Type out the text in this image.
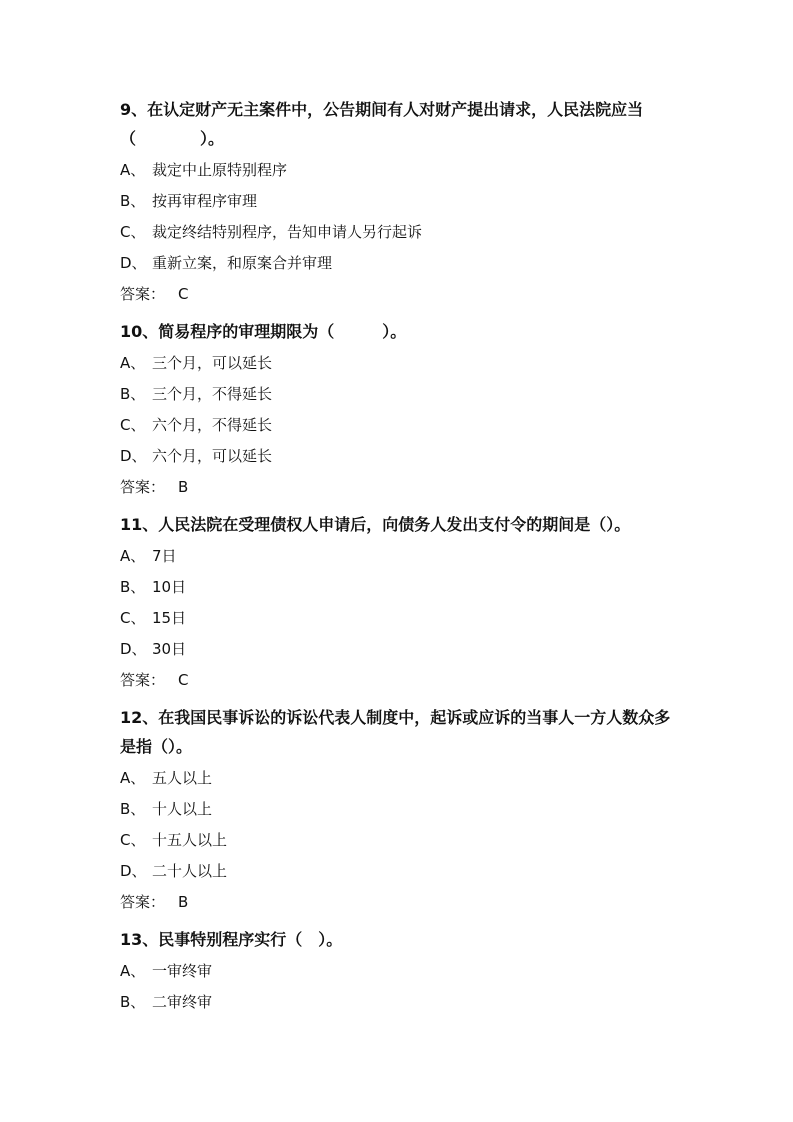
9、在认定财产无主案件中，公告期间有人对财产提出请求，人民法院应当
（　　　　）。
A、 裁定中止原特别程序
B、 按再审程序审理
C、 裁定终结特别程序，告知申请人另行起诉
D、 重新立案，和原案合并审理
答案： C
10、简易程序的审理期限为（　　　）。
A、 三个月，可以延长
B、 三个月，不得延长
C、 六个月，不得延长
D、 六个月，可以延长
答案： B
11、人民法院在受理债权人申请后，向债务人发出支付令的期间是（）。
A、 7日
B、 10日
C、 15日
D、 30日
答案： C
12、在我国民事诉讼的诉讼代表人制度中，起诉或应诉的当事人一方人数众多
是指（）。
A、 五人以上
B、 十人以上
C、 十五人以上
D、 二十人以上
答案： B
13、民事特别程序实行（　）。
A、 一审终审
B、 二审终审
